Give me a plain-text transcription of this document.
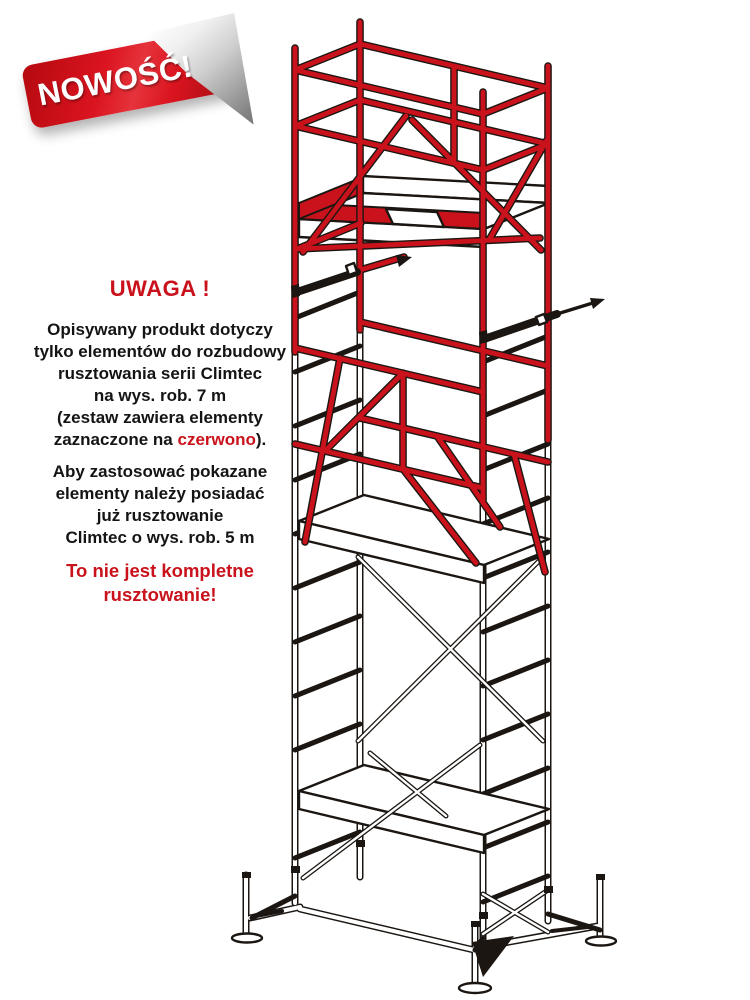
NOWOŚĆ!
UWAGA !

Opisywany produkt dotyczy
tylko elementów do rozbudowy
rusztowania serii Climtec
na wys. rob. 7 m
(zestaw zawiera elementy
zaznaczone na czerwono).

Aby zastosować pokazane
elementy należy posiadać
już rusztowanie
Climtec o wys. rob. 5 m

To nie jest kompletne
rusztowanie!
